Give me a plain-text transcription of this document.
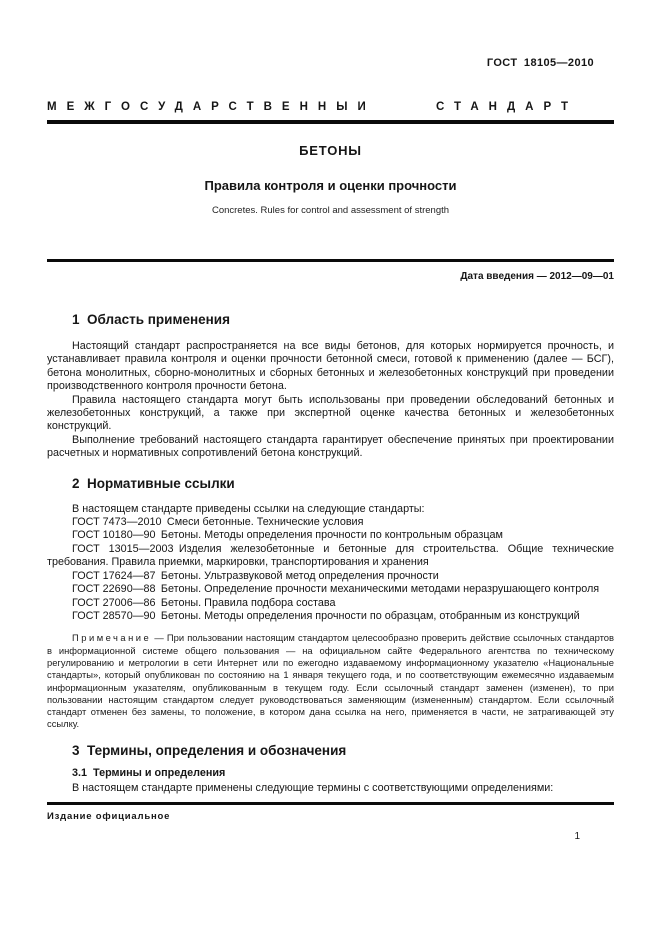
ГОСТ 18105—2010
МЕЖГОСУДАРСТВЕННЫЙ СТАНДАРТ
БЕТОНЫ
Правила контроля и оценки прочности
Concretes. Rules for control and assessment of strength
Дата введения — 2012—09—01
1  Область применения

Настоящий стандарт распространяется на все виды бетонов, для которых нормируется прочность, и устанавливает правила контроля и оценки прочности бетонной смеси, готовой к применению (далее — БСГ), бетона монолитных, сборно-монолитных и сборных бетонных и железобетонных конструкций при проведении производственного контроля прочности бетона.

Правила настоящего стандарта могут быть использованы при проведении обследований бетонных и железобетонных конструкций, а также при экспертной оценке качества бетонных и железобетонных конструкций.

Выполнение требований настоящего стандарта гарантирует обеспечение принятых при проектировании расчетных и нормативных сопротивлений бетона конструкций.

2  Нормативные ссылки

В настоящем стандарте приведены ссылки на следующие стандарты:

ГОСТ 7473—2010 Смеси бетонные. Технические условия

ГОСТ 10180—90 Бетоны. Методы определения прочности по контрольным образцам

ГОСТ 13015—2003 Изделия железобетонные и бетонные для строительства. Общие технические требования. Правила приемки, маркировки, транспортирования и хранения

ГОСТ 17624—87 Бетоны. Ультразвуковой метод определения прочности

ГОСТ 22690—88 Бетоны. Определение прочности механическими методами неразрушающего контроля

ГОСТ 27006—86 Бетоны. Правила подбора состава

ГОСТ 28570—90 Бетоны. Методы определения прочности по образцам, отобранным из конструкций

Примечание — При пользовании настоящим стандартом целесообразно проверить действие ссылочных стандартов в информационной системе общего пользования — на официальном сайте Федерального агентства по техническому регулированию и метрологии в сети Интернет или по ежегодно издаваемому информационному указателю «Национальные стандарты», который опубликован по состоянию на 1 января текущего года, и по соответствующим ежемесячно издаваемым информационным указателям, опубликованным в текущем году. Если ссылочный стандарт заменен (изменен), то при пользовании настоящим стандартом следует руководствоваться заменяющим (измененным) стандартом. Если ссылочный стандарт отменен без замены, то положение, в котором дана ссылка на него, применяется в части, не затрагивающей эту ссылку.

3  Термины, определения и обозначения
3.1  Термины и определения

В настоящем стандарте применены следующие термины с соответствующими определениями:

Издание официальное
1
